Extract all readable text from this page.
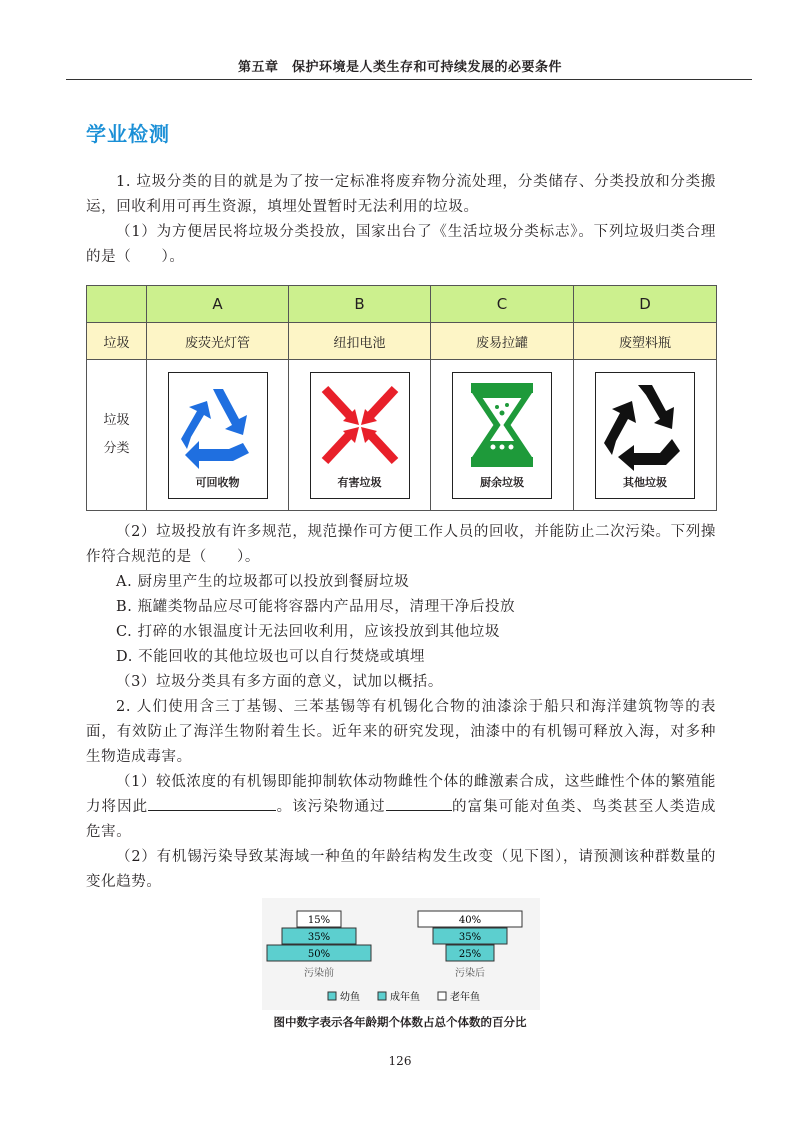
第五章　保护环境是人类生存和可持续发展的必要条件
学业检测

1. 垃圾分类的目的就是为了按一定标准将废弃物分流处理，分类储存、分类投放和分类搬运，回收利用可再生资源，填埋处置暂时无法利用的垃圾。

（1）为方便居民将垃圾分类投放，国家出台了《生活垃圾分类标志》。下列垃圾归类合理的是（　　）。

	A	B	C	D
垃圾	废荧光灯管	纽扣电池	废易拉罐	废塑料瓶
垃圾
分类	可回收物	有害垃圾	厨余垃圾	其他垃圾

（2）垃圾投放有许多规范，规范操作可方便工作人员的回收，并能防止二次污染。下列操作符合规范的是（　　）。

A. 厨房里产生的垃圾都可以投放到餐厨垃圾
B. 瓶罐类物品应尽可能将容器内产品用尽，清理干净后投放
C. 打碎的水银温度计无法回收利用，应该投放到其他垃圾
D. 不能回收的其他垃圾也可以自行焚烧或填埋

（3）垃圾分类具有多方面的意义，试加以概括。

2. 人们使用含三丁基锡、三苯基锡等有机锡化合物的油漆涂于船只和海洋建筑物等的表面，有效防止了海洋生物附着生长。近年来的研究发现，油漆中的有机锡可释放入海，对多种生物造成毒害。

（1）较低浓度的有机锡即能抑制软体动物雌性个体的雌激素合成，这些雌性个体的繁殖能力将因此	。该污染物通过	的富集可能对鱼类、鸟类甚至人类造成危害。

（2）有机锡污染导致某海域一种鱼的年龄结构发生改变（见下图），请预测该种群数量的变化趋势。

15%
35%
50%
污染前
40%
35%
25%
污染后
幼鱼	成年鱼	老年鱼
图中数字表示各年龄期个体数占总个体数的百分比
126
